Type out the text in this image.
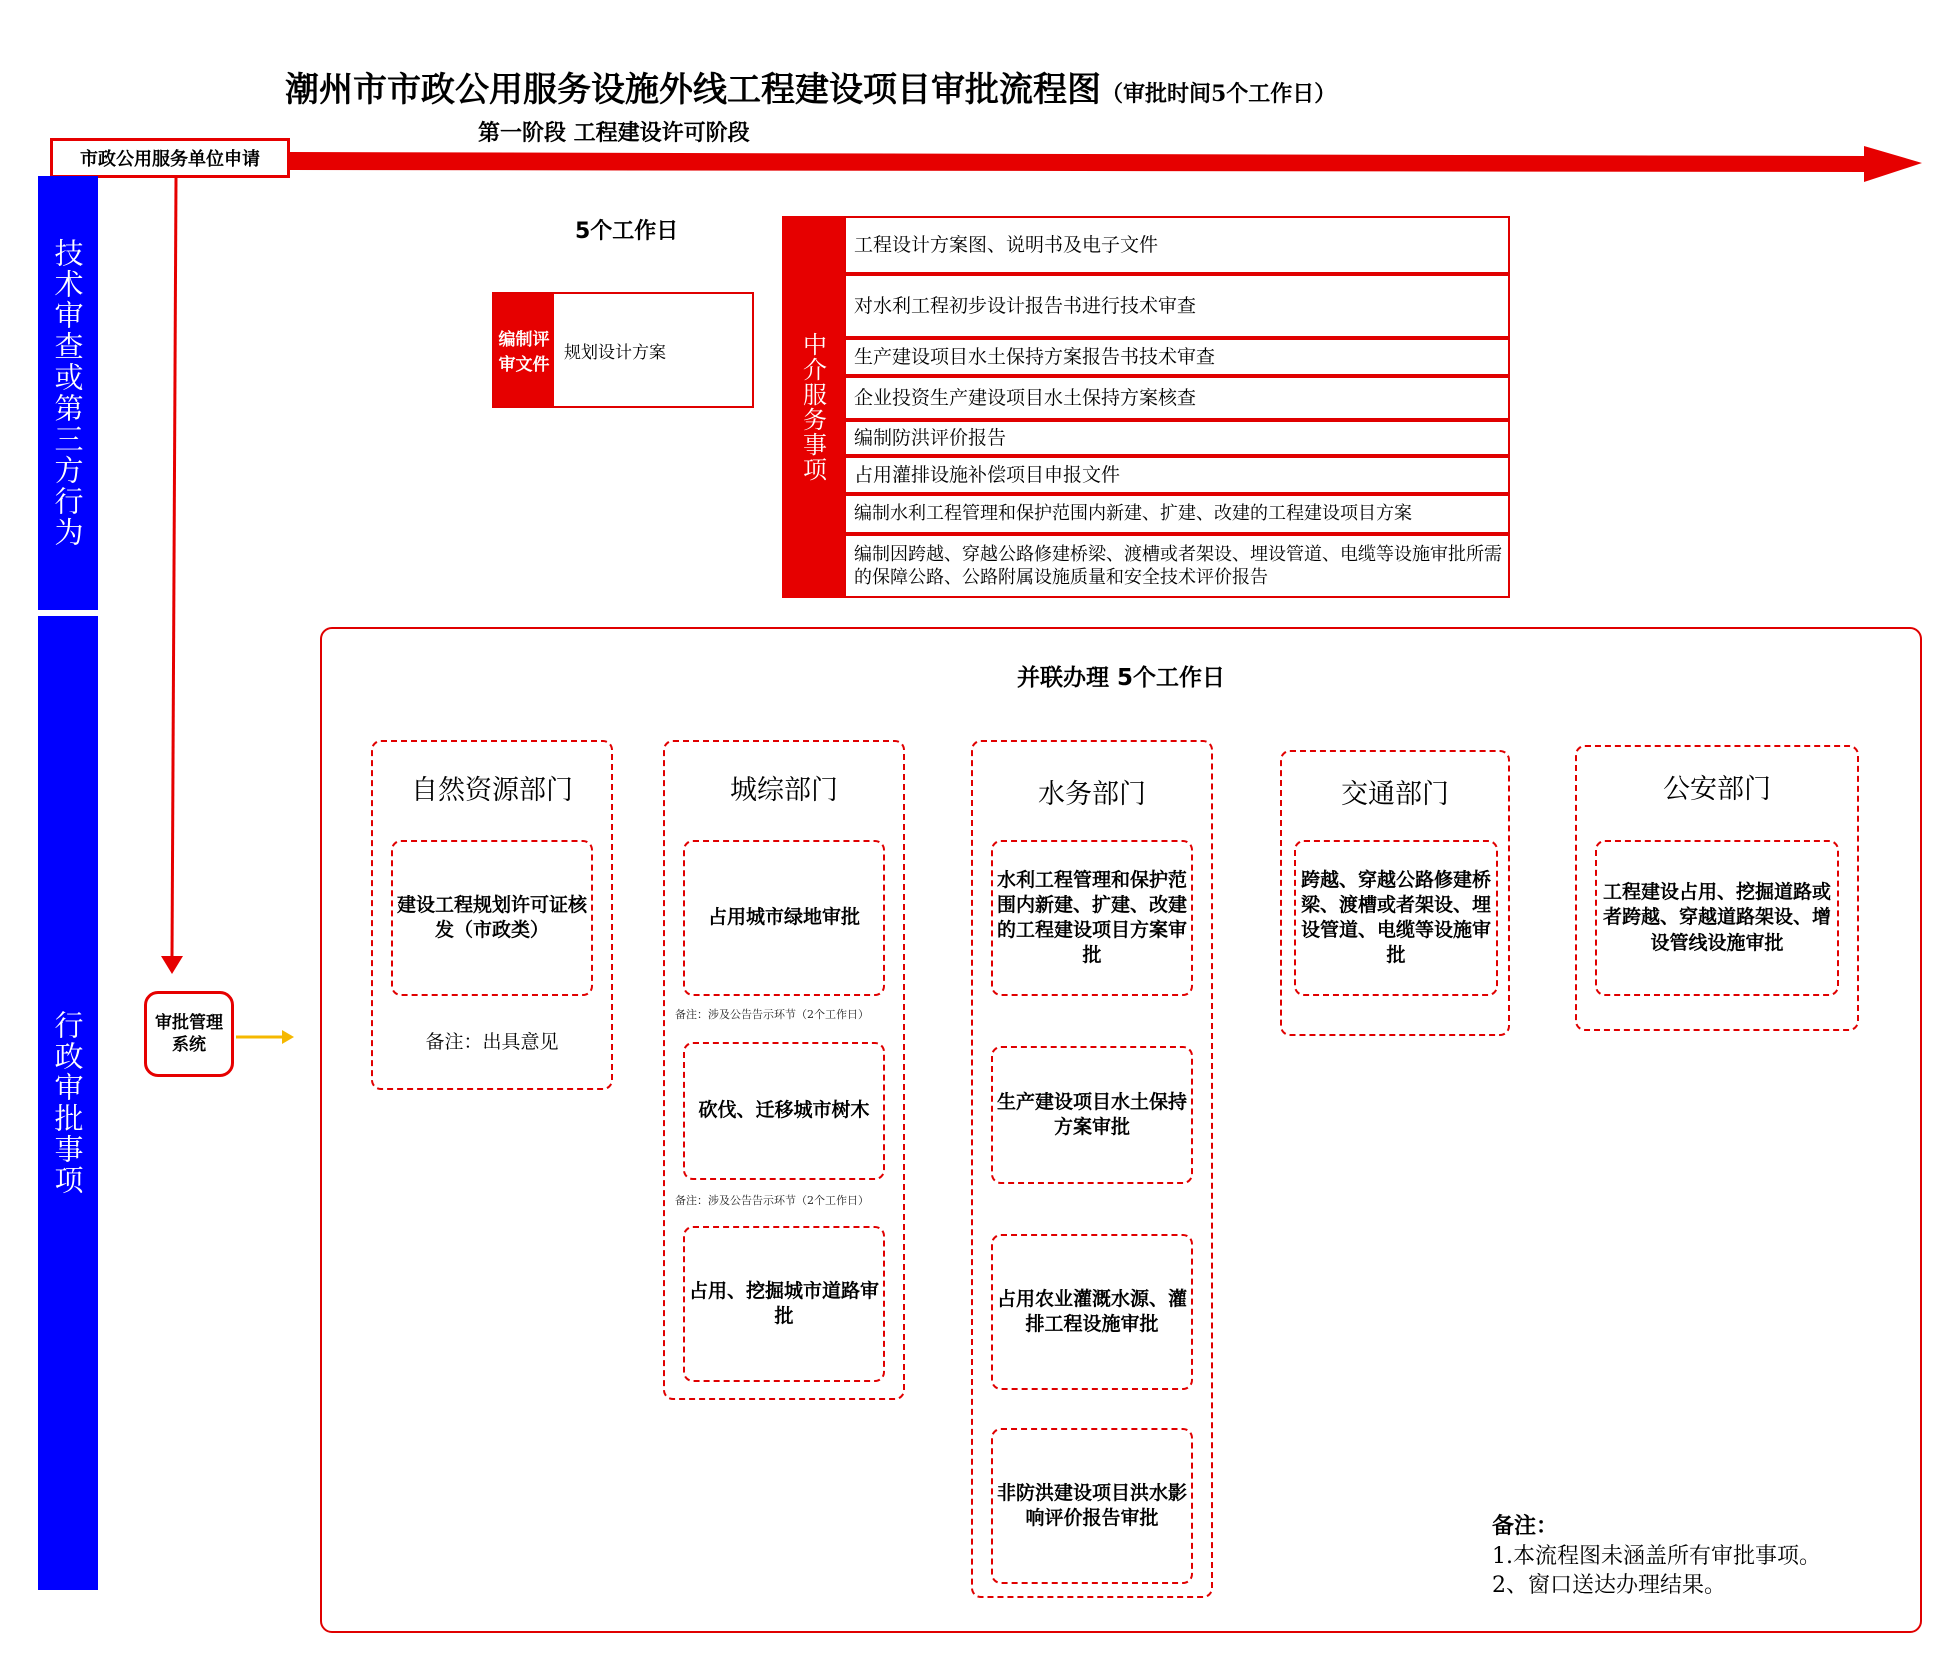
潮州市市政公用服务设施外线工程建设项目审批流程图（审批时间5个工作日）
第一阶段 工程建设许可阶段
市政公用服务单位申请
技术审查或第三方行为
行政审批事项
5个工作日
编制评审文件
规划设计方案	中介服务事项
工程设计方案图、说明书及电子文件
对水利工程初步设计报告书进行技术审查
生产建设项目水土保持方案报告书技术审查
企业投资生产建设项目水土保持方案核查
编制防洪评价报告
占用灌排设施补偿项目申报文件
编制水利工程管理和保护范围内新建、扩建、改建的工程建设项目方案
编制因跨越、穿越公路修建桥梁、渡槽或者架设、埋设管道、电缆等设施审批所需的保障公路、公路附属设施质量和安全技术评价报告
审批管理系统
并联办理 5个工作日
自然资源部门
建设工程规划许可证核发（市政类）
备注：出具意见
城综部门
占用城市绿地审批
备注：涉及公告告示环节（2个工作日）
砍伐、迁移城市树木
备注：涉及公告告示环节（2个工作日）
占用、挖掘城市道路审批
水务部门
水利工程管理和保护范围内新建、扩建、改建的工程建设项目方案审批
生产建设项目水土保持方案审批
占用农业灌溉水源、灌排工程设施审批
非防洪建设项目洪水影响评价报告审批
交通部门
跨越、穿越公路修建桥梁、渡槽或者架设、埋设管道、电缆等设施审批
公安部门
工程建设占用、挖掘道路或者跨越、穿越道路架设、增设管线设施审批
备注：
1.本流程图未涵盖所有审批事项。
2、窗口送达办理结果。
